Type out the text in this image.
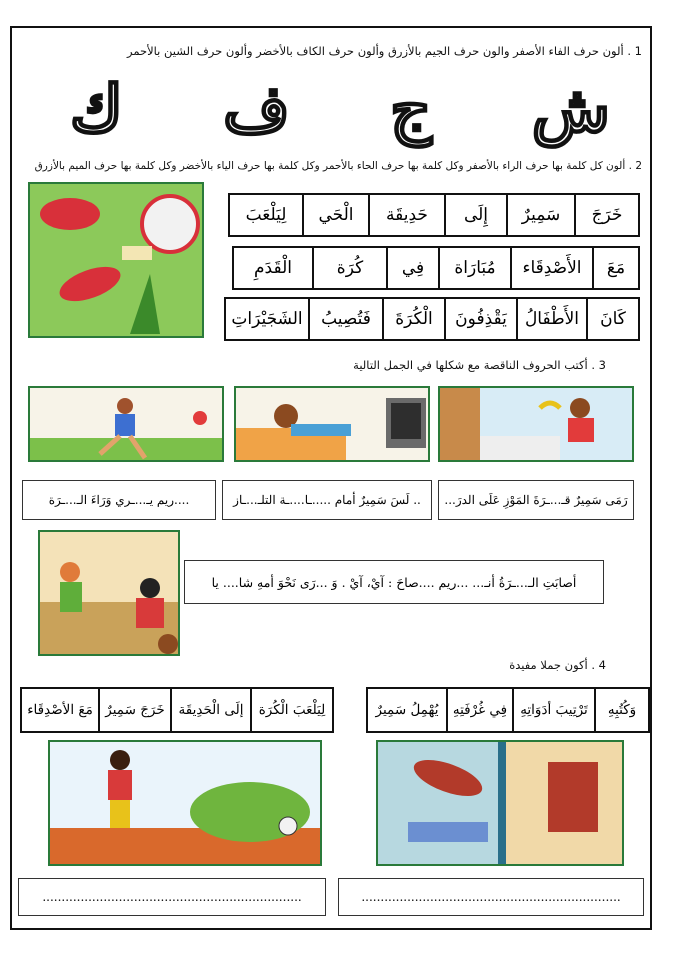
1 . ألون حرف الفاء الأصفر والون حرف الجيم بالأزرق وألون حرف الكاف بالأخضر وألون حرف الشين بالأحمر
ش
ج
ف
ك
2 . ألون كل كلمة بها حرف الراء بالأصفر وكل كلمة بها حرف الحاء بالأحمر وكل كلمة بها حرف الياء بالأخضر وكل كلمة بها حرف الميم بالأزرق
خَرَجَ	سَمِيرٌ	إِلَى	حَدِيقَة	الْحَي	لِيَلْعَبَ
مَعَ	الأَصْدِقَاء	مُبَارَاة	فِي	كُرَة	الْقَدَمِ
كَانَ	الأَطْفَالُ	يَقْذِفُونَ	الْكُرَةَ	فَتُصِيبُ	الشَجَيْرَاتِ
3 . أكتب الحروف الناقصة مع شكلها في الجمل التالية
رَمَى سَمِيرٌ قـ...ـرَةَ المَوْزِ عَلَى الدرَ...
.. لَسَ سَمِيرٌ أمام .....ـا....ـة التلـ...ـاز
....ريم يـ...ـري وَرَاءَ الـ...ـرَة
أصابَتِ الـ...ـرَةُ أنـ... ...ريم ....صاحَ : آيْ، آيْ . وَ ...رَى نَحْوَ أمهِ شا.... يا
4 . أكون جملا مفيدة
وَكُتُبِهِ	تَرْتِيبَ أدَوَاتِهِ	فِي غُرْفَتِهِ	يُهْمِلُ سَمِيرٌ
لِيَلْعَبَ الْكُرَة	إلَى الْحَدِيقَة	خَرَجَ سَمِيرٌ	مَعَ الأصْدِقَاء
....................................................................	....................................................................
